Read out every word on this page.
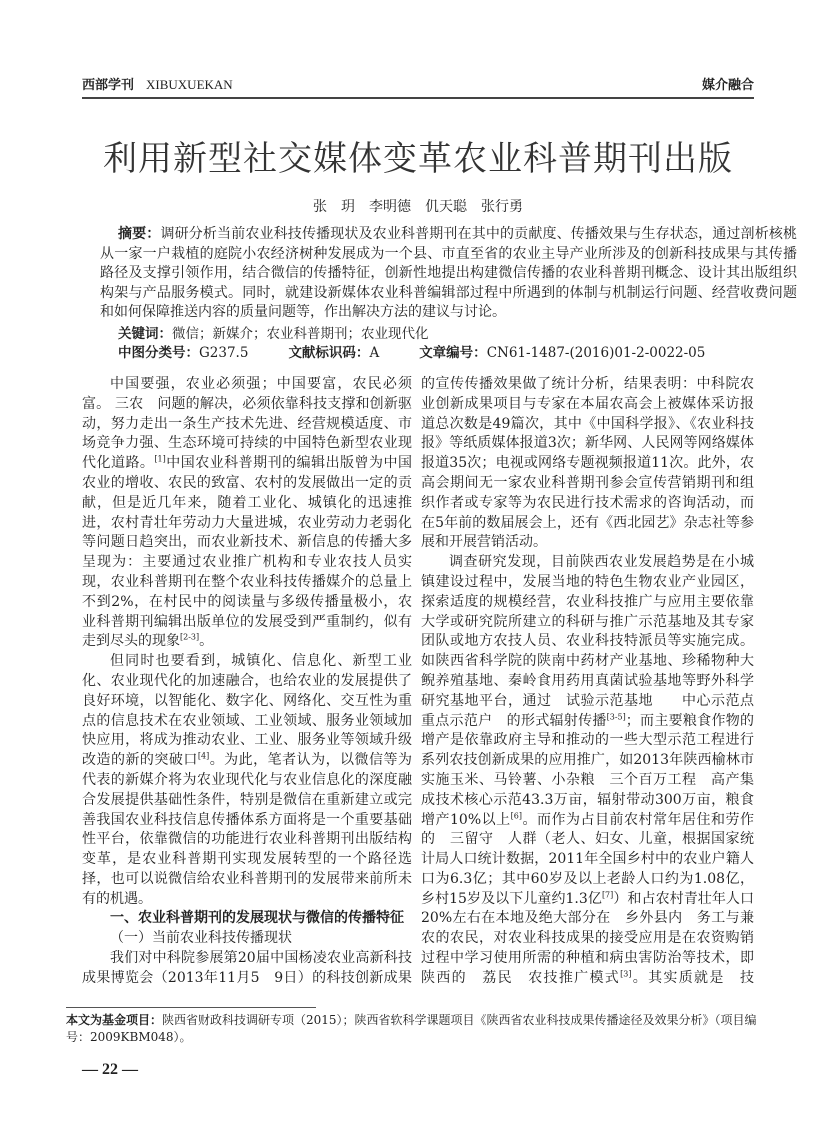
西部学刊 XIBUXUEKAN	媒介融合
利用新型社交媒体变革农业科普期刊出版
张　玥　李明德　仉天聪　张行勇
摘要：调研分析当前农业科技传播现状及农业科普期刊在其中的贡献度、传播效果与生存状态，通过剖析核桃从一家一户栽植的庭院小农经济树种发展成为一个县、市直至省的农业主导产业所涉及的创新科技成果与其传播路径及支撑引领作用，结合微信的传播特征，创新性地提出构建微信传播的农业科普期刊概念、设计其出版组织构架与产品服务模式。同时，就建设新媒体农业科普编辑部过程中所遇到的体制与机制运行问题、经营收费问题和如何保障推送内容的质量问题等，作出解决方法的建议与讨论。
关键词：微信；新媒介；农业科普期刊；农业现代化
中图分类号：G237.5	文献标识码：A	文章编号：CN61-1487-(2016)01-2-0022-05

中国要强，农业必须强；中国要富，农民必须富。 三农　问题的解决，必须依靠科技支撑和创新驱动，努力走出一条生产技术先进、经营规模适度、市场竞争力强、生态环境可持续的中国特色新型农业现代化道路。[1]中国农业科普期刊的编辑出版曾为中国农业的增收、农民的致富、农村的发展做出一定的贡献，但是近几年来，随着工业化、城镇化的迅速推进，农村青壮年劳动力大量进城，农业劳动力老弱化等问题日趋突出，而农业新技术、新信息的传播大多呈现为：主要通过农业推广机构和专业农技人员实现，农业科普期刊在整个农业科技传播媒介的总量上不到2%，在村民中的阅读量与多级传播量极小，农业科普期刊编辑出版单位的发展受到严重制约，似有走到尽头的现象[2-3]。

但同时也要看到，城镇化、信息化、新型工业化、农业现代化的加速融合，也给农业的发展提供了良好环境，以智能化、数字化、网络化、交互性为重点的信息技术在农业领域、工业领域、服务业领域加快应用，将成为推动农业、工业、服务业等领域升级改造的新的突破口[4]。为此，笔者认为，以微信等为代表的新媒介将为农业现代化与农业信息化的深度融合发展提供基础性条件，特别是微信在重新建立或完善我国农业科技信息传播体系方面将是一个重要基础性平台，依靠微信的功能进行农业科普期刊出版结构变革，是农业科普期刊实现发展转型的一个路径选择，也可以说微信给农业科普期刊的发展带来前所未有的机遇。

一、农业科普期刊的发展现状与微信的传播特征

（一）当前农业科技传播现状

我们对中科院参展第20届中国杨凌农业高新科技成果博览会（2013年11月5　9日）的科技创新成果

的宣传传播效果做了统计分析，结果表明：中科院农业创新成果项目与专家在本届农高会上被媒体采访报道总次数是49篇次，其中《中国科学报》、《农业科技报》等纸质媒体报道3次；新华网、人民网等网络媒体报道35次；电视或网络专题视频报道11次。此外，农高会期间无一家农业科普期刊参会宣传营销期刊和组织作者或专家等为农民进行技术需求的咨询活动，而在5年前的数届展会上，还有《西北园艺》杂志社等参展和开展营销活动。

调查研究发现，目前陕西农业发展趋势是在小城镇建设过程中，发展当地的特色生物农业产业园区，探索适度的规模经营，农业科技推广与应用主要依靠大学或研究院所建立的科研与推广示范基地及其专家团队或地方农技人员、农业科技特派员等实施完成。如陕西省科学院的陕南中药材产业基地、珍稀物种大鲵养殖基地、秦岭食用药用真菌试验基地等野外科学研究基地平台，通过　试验示范基地　　中心示范点　　重点示范户　的形式辐射传播[3-5]；而主要粮食作物的增产是依靠政府主导和推动的一些大型示范工程进行系列农技创新成果的应用推广，如2013年陕西榆林市实施玉米、马铃薯、小杂粮　三个百万工程　高产集成技术核心示范43.3万亩，辐射带动300万亩，粮食增产10%以上[6]。而作为占目前农村常年居住和劳作的　三留守　人群（老人、妇女、儿童，根据国家统计局人口统计数据，2011年全国乡村中的农业户籍人口为6.3亿；其中60岁及以上老龄人口约为1.08亿，乡村15岁及以下儿童约1.3亿[7]）和占农村青壮年人口20%左右在本地及绝大部分在　乡外县内　务工与兼农的农民，对农业科技成果的接受应用是在农资购销过程中学习使用所需的种植和病虫害防治等技术，即陕西的　荔民　农技推广模式[3]。其实质就是　技

本文为基金项目：陕西省财政科技调研专项（2015）；陕西省软科学课题项目《陕西省农业科技成果传播途径及效果分析》（项目编号：2009KBM048）。
— 22 —
